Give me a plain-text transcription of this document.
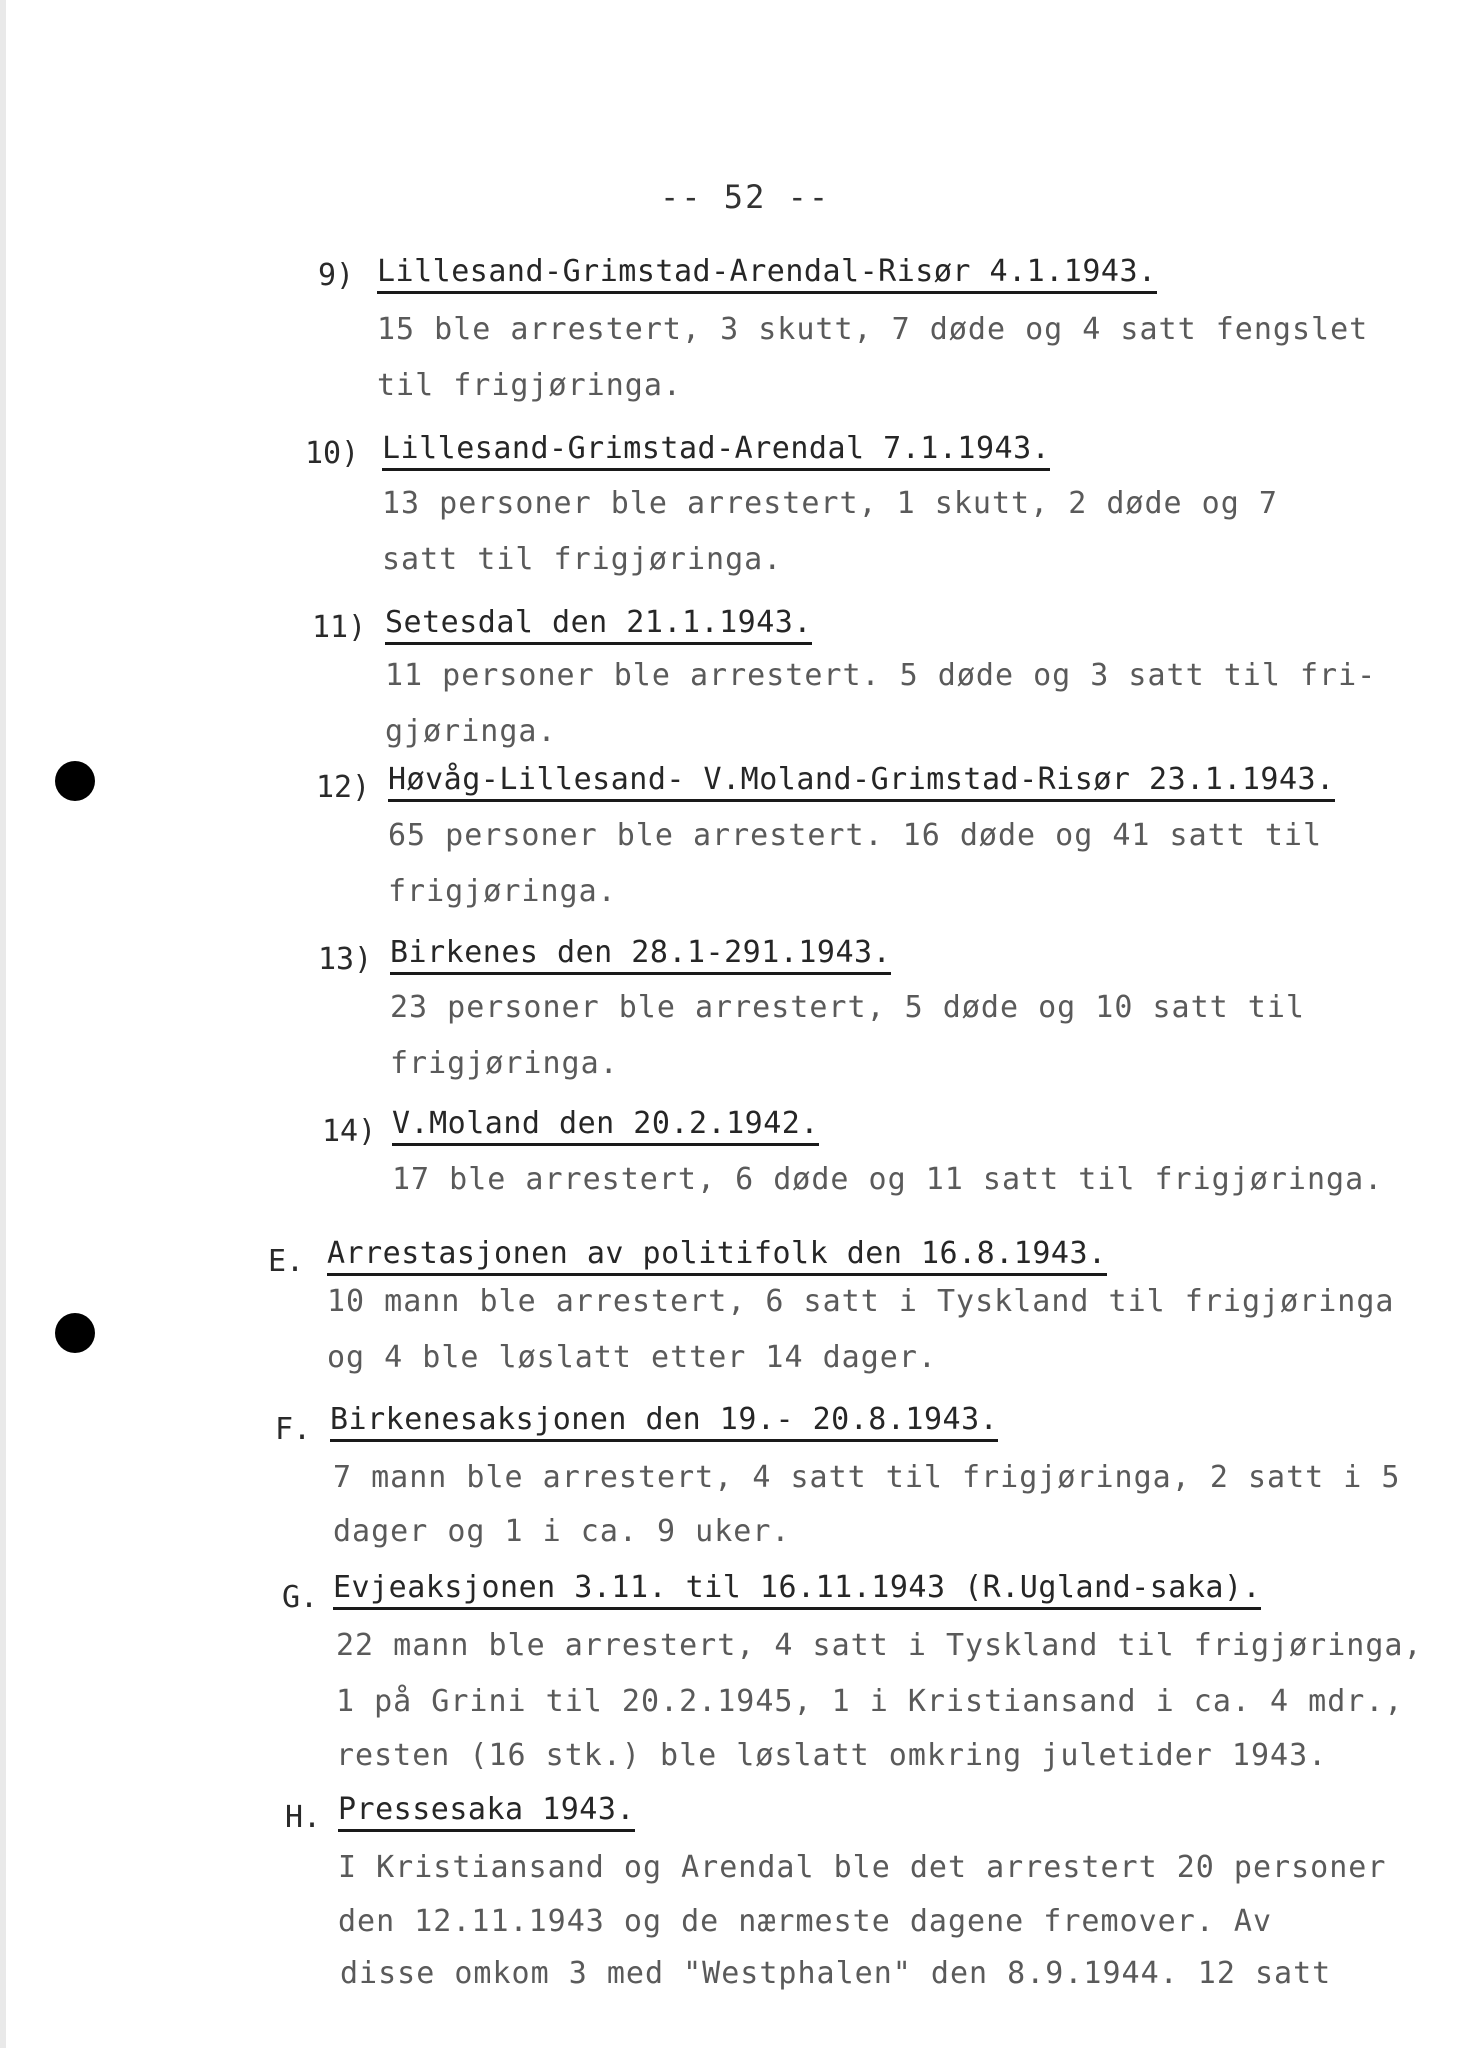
-- 52 --
9) Lillesand-Grimstad-Arendal-Risør 4.1.1943.
15 ble arrestert, 3 skutt, 7 døde og 4 satt fengslet
til frigjøringa.
10) Lillesand-Grimstad-Arendal 7.1.1943.
13 personer ble arrestert, 1 skutt, 2 døde og 7
satt til frigjøringa.
11) Setesdal den 21.1.1943.
11 personer ble arrestert. 5 døde og 3 satt til fri-
gjøringa.
12) Høvåg-Lillesand- V.Moland-Grimstad-Risør 23.1.1943.
65 personer ble arrestert. 16 døde og 41 satt til
frigjøringa.
13) Birkenes den 28.1-291.1943.
23 personer ble arrestert, 5 døde og 10 satt til
frigjøringa.
14) V.Moland den 20.2.1942.
17 ble arrestert, 6 døde og 11 satt til frigjøringa.
E. Arrestasjonen av politifolk den 16.8.1943.
10 mann ble arrestert, 6 satt i Tyskland til frigjøringa
og 4 ble løslatt etter 14 dager.
F. Birkenesaksjonen den 19.- 20.8.1943.
7 mann ble arrestert, 4 satt til frigjøringa, 2 satt i 5
dager og 1 i ca. 9 uker.
G. Evjeaksjonen 3.11. til 16.11.1943 (R.Ugland-saka).
22 mann ble arrestert, 4 satt i Tyskland til frigjøringa,
1 på Grini til 20.2.1945, 1 i Kristiansand i ca. 4 mdr.,
resten (16 stk.) ble løslatt omkring juletider 1943.
H. Pressesaka 1943.
I Kristiansand og Arendal ble det arrestert 20 personer
den 12.11.1943 og de nærmeste dagene fremover. Av
disse omkom 3 med "Westphalen" den 8.9.1944. 12 satt
